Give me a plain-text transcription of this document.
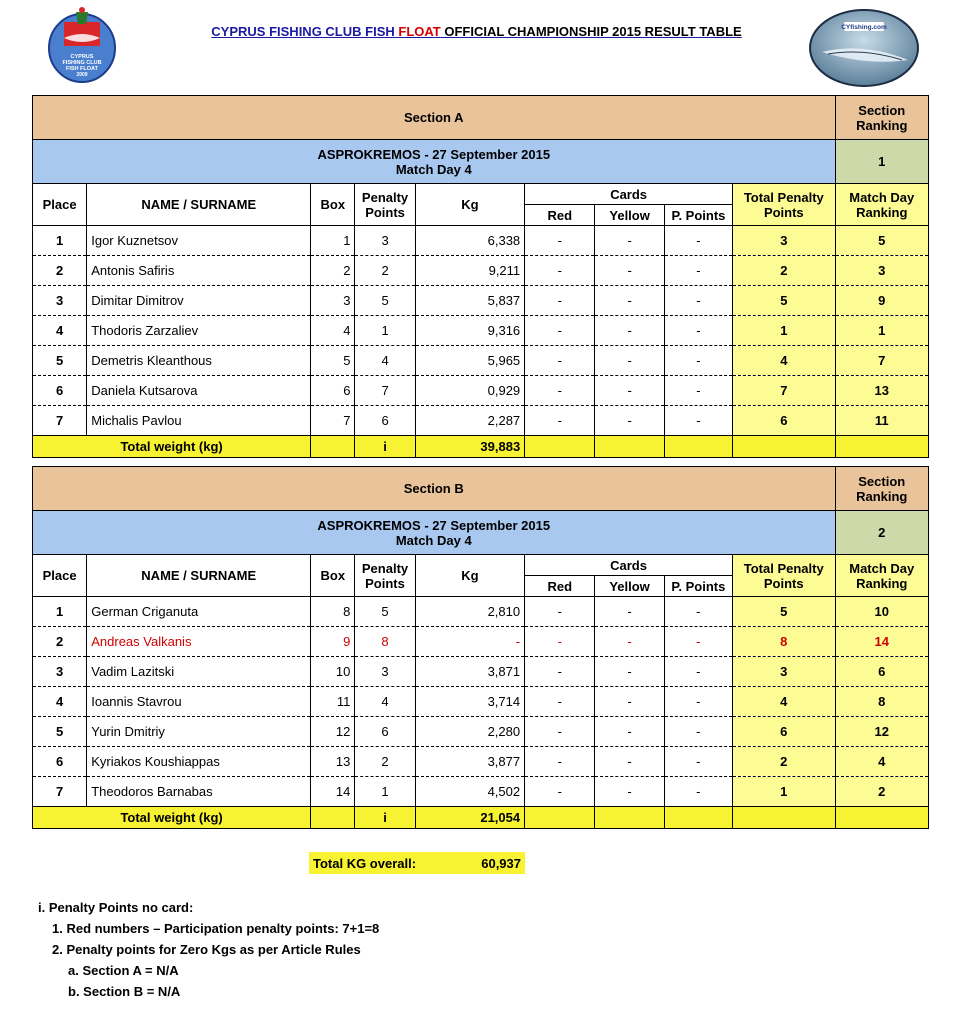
CYPRUS
FISHING CLUB
FISH FLOAT
2009
CYfishing.com
CYPRUS FISHING CLUB FISH FLOAT OFFICIAL CHAMPIONSHIP 2015 RESULT TABLE
Section A									Section
Ranking
ASPROKREMOS - 27 September 2015
Match Day 4									1
Place	NAME / SURNAME	Box	Penalty
Points	Kg	Cards			Total Penalty
Points	Match Day
Ranking
					Red	Yellow	P. Points		
1	Igor Kuznetsov	1	3	6,338	-	-	-	3	5
2	Antonis Safiris	2	2	9,211	-	-	-	2	3
3	Dimitar Dimitrov	3	5	5,837	-	-	-	5	9
4	Thodoris Zarzaliev	4	1	9,316	-	-	-	1	1
5	Demetris Kleanthous	5	4	5,965	-	-	-	4	7
6	Daniela Kutsarova	6	7	0,929	-	-	-	7	13
7	Michalis Pavlou	7	6	2,287	-	-	-	6	11
Total weight (kg)			i	39,883					
Section B									Section
Ranking
ASPROKREMOS - 27 September 2015
Match Day 4									2
Place	NAME / SURNAME	Box	Penalty
Points	Kg	Cards			Total Penalty
Points	Match Day
Ranking
					Red	Yellow	P. Points		
1	German Criganuta	8	5	2,810	-	-	-	5	10
2	Andreas Valkanis	9	8	-	-	-	-	8	14
3	Vadim Lazitski	10	3	3,871	-	-	-	3	6
4	Ioannis Stavrou	11	4	3,714	-	-	-	4	8
5	Yurin Dmitriy	12	6	2,280	-	-	-	6	12
6	Kyriakos Koushiappas	13	2	3,877	-	-	-	2	4
7	Theodoros Barnabas	14	1	4,502	-	-	-	1	2
Total weight (kg)			i	21,054					
Total KG overall:	60,937
i. Penalty Points no card:
1. Red numbers – Participation penalty points: 7+1=8
2. Penalty points for Zero Kgs as per Article Rules
a. Section A = N/A
b. Section B = N/A
